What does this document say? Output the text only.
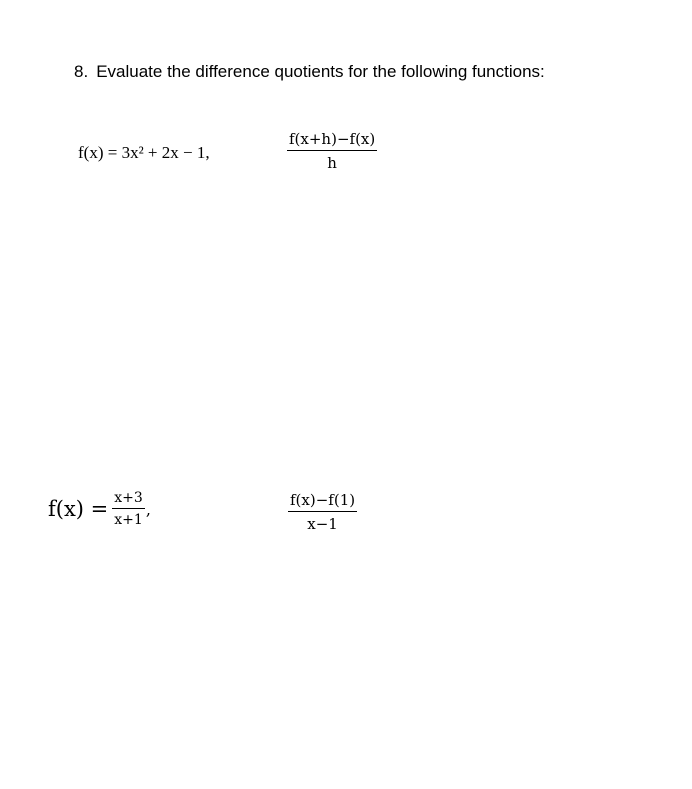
8. Evaluate the difference quotients for the following functions:
f(x) = 3x² + 2x − 1,	$\frac{f(x+h)-f(x)}{h}$
$f(x) = \frac{x+3}{x+1}$ ,	$\frac{f(x)-f(1)}{x-1}$
